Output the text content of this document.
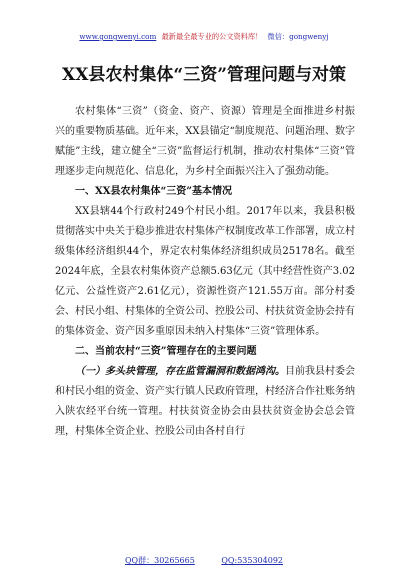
www.gongwenyi.com 最新最全最专业的公文资料库！ 微信：gongwenyj
XX县农村集体“三资”管理问题与对策

农村集体“三资”（资金、资产、资源）管理是全面推进乡村振兴的重要物质基础。近年来，XX县锚定“制度规范、问题治理、数字赋能”主线，建立健全“三资”监督运行机制，推动农村集体“三资”管理逐步走向规范化、信息化，为乡村全面振兴注入了强劲动能。

一、XX县农村集体“三资”基本情况

XX县辖44个行政村249个村民小组。2017年以来，我县积极贯彻落实中央关于稳步推进农村集体产权制度改革工作部署，成立村级集体经济组织44个，界定农村集体经济组织成员25178名。截至2024年底，全县农村集体资产总额5.63亿元（其中经营性资产3.02亿元、公益性资产2.61亿元），资源性资产121.55万亩。部分村委会、村民小组、村集体的全资公司、控股公司、村扶贫资金协会持有的集体资金、资产因多重原因未纳入村集体“三资”管理体系。

二、当前农村“三资”管理存在的主要问题

（一）多头块管理，存在监管漏洞和数据鸿沟。目前我县村委会和村民小组的资金、资产实行镇人民政府管理，村经济合作社账务纳入陕农经平台统一管理。村扶贫资金协会由县扶贫资金协会总会管理，村集体全资企业、控股公司由各村自行

QQ群：30265665	QQ:535304092
